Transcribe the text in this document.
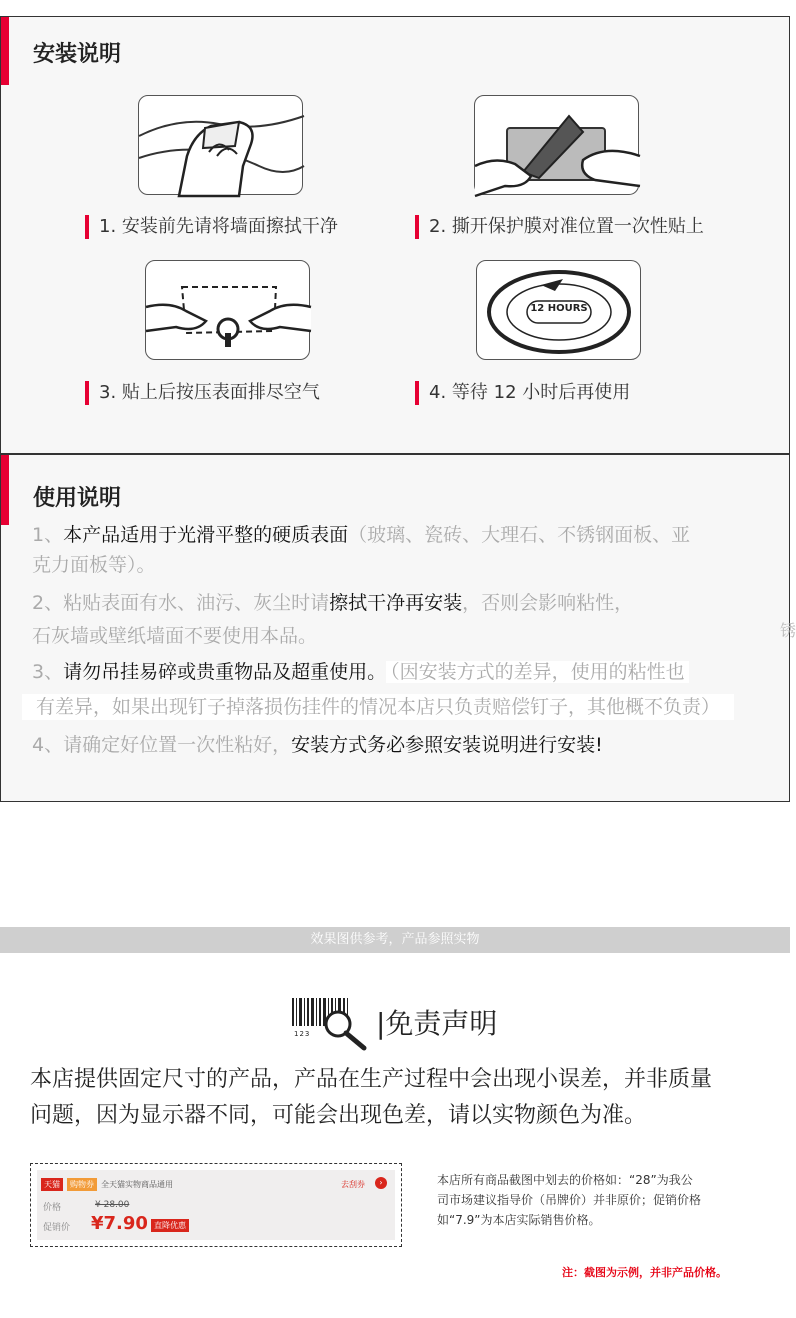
安装说明
1. 安装前先请将墙面擦拭干净	2. 撕开保护膜对准位置一次性贴上
3. 贴上后按压表面排尽空气
12 HOURS
4. 等待 12 小时后再使用
使用说明
1、本产品适用于光滑平整的硬质表面（玻璃、瓷砖、大理石、不锈钢面板、亚
克力面板等）。
2、粘贴表面有水、油污、灰尘时请擦拭干净再安装，否则会影响粘性，
石灰墙或壁纸墙面不要使用本品。
3、请勿吊挂易碎或贵重物品及超重使用。 （因安装方式的差异，使用的粘性也
有差异，如果出现钉子掉落损伤挂件的情况本店只负责赔偿钉子，其他概不负责）
4、请确定好位置一次性粘好，安装方式务必参照安装说明进行安装!
锈
效果图供参考，产品参照实物
123 |免责声明
本店提供固定尺寸的产品，产品在生产过程中会出现小误差，并非质量
问题，因为显示器不同，可能会出现色差，请以实物颜色为准。
天猫	购物券 全天猫实物商品通用	去刮券	›
价格	¥ 28.00
促销价 ¥7.90 直降优惠
本店所有商品截图中划去的价格如：“28”为我公
司市场建议指导价（吊牌价）并非原价；促销价格
如“7.9”为本店实际销售价格。
注：截图为示例，并非产品价格。
